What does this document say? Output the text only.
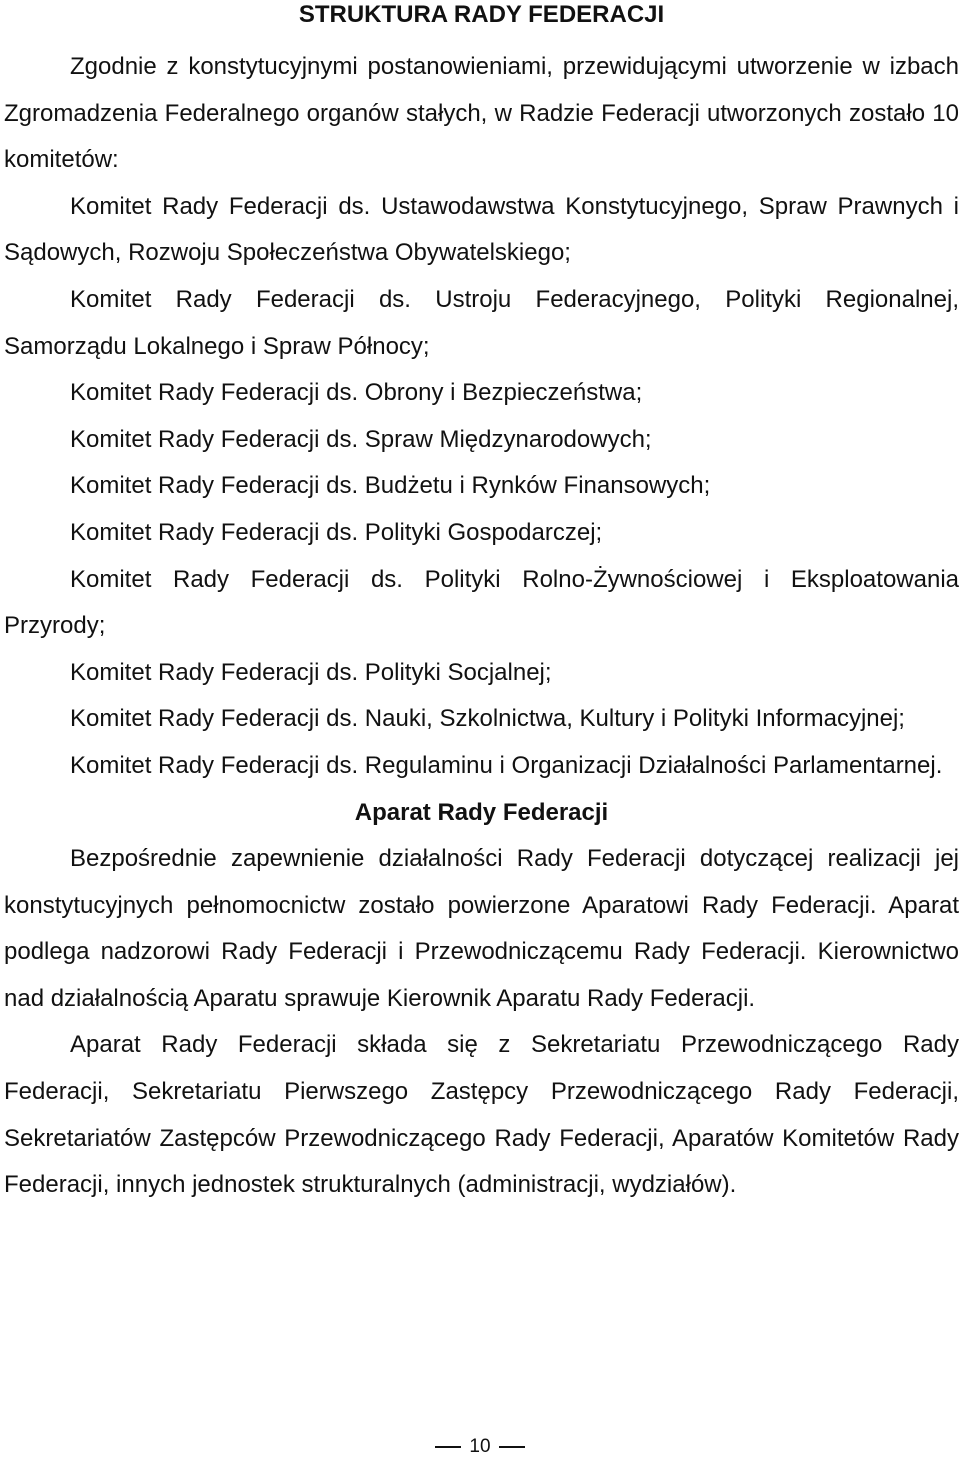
STRUKTURA RADY FEDERACJI

Zgodnie z konstytucyjnymi postanowieniami, przewidującymi utworzenie w izbach Zgromadzenia Federalnego organów stałych, w Radzie Federacji utworzonych zostało 10 komitetów:

Komitet Rady Federacji ds. Ustawodawstwa Konstytucyjnego, Spraw Prawnych i Sądowych, Rozwoju Społeczeństwa Obywatelskiego;

Komitet Rady Federacji ds. Ustroju Federacyjnego, Polityki Regionalnej, Samorządu Lokalnego i Spraw Północy;

Komitet Rady Federacji ds. Obrony i Bezpieczeństwa;

Komitet Rady Federacji ds. Spraw Międzynarodowych;

Komitet Rady Federacji ds. Budżetu i Rynków Finansowych;

Komitet Rady Federacji ds. Polityki Gospodarczej;

Komitet Rady Federacji ds. Polityki Rolno-Żywnościowej i Eksploatowania Przyrody;

Komitet Rady Federacji ds. Polityki Socjalnej;

Komitet Rady Federacji ds. Nauki, Szkolnictwa, Kultury i Polityki Informacyjnej;

Komitet Rady Federacji ds. Regulaminu i Organizacji Działalności Parlamentarnej.

Aparat Rady Federacji

Bezpośrednie zapewnienie działalności Rady Federacji dotyczącej realizacji jej konstytucyjnych pełnomocnictw zostało powierzone Aparatowi Rady Federacji. Aparat podlega nadzorowi Rady Federacji i Przewodniczącemu Rady Federacji. Kierownictwo nad działalnością Aparatu sprawuje Kierownik Aparatu Rady Federacji.

Aparat Rady Federacji składa się z Sekretariatu Przewodniczącego Rady Federacji, Sekretariatu Pierwszego Zastępcy Przewodniczącego Rady Federacji, Sekretariatów Zastępców Przewodniczącego Rady Federacji, Aparatów Komitetów Rady Federacji, innych jednostek strukturalnych (administracji, wydziałów).

10
